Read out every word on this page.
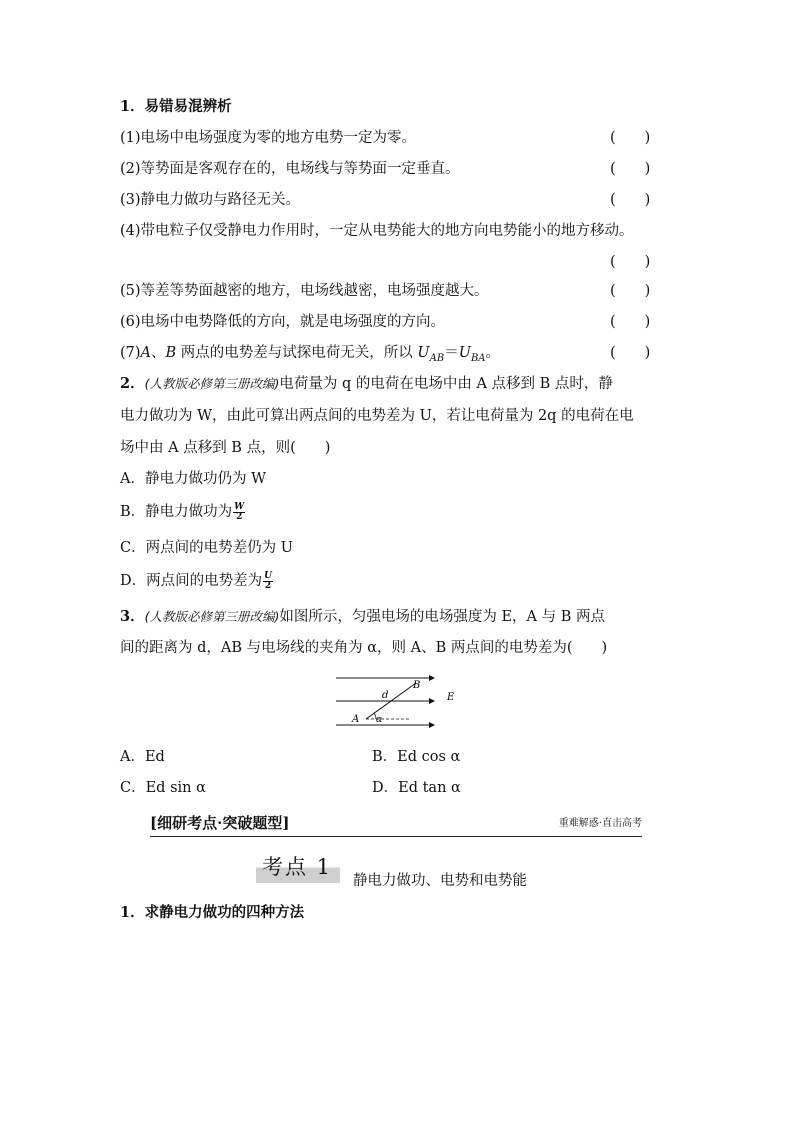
1．易错易混辨析
(1)电场中电场强度为零的地方电势一定为零。	(　　)
(2)等势面是客观存在的，电场线与等势面一定垂直。	(　　)
(3)静电力做功与路径无关。	(　　)
(4)带电粒子仅受静电力作用时，一定从电势能大的地方向电势能小的地方移动。
(　　)
(5)等差等势面越密的地方，电场线越密，电场强度越大。	(　　)
(6)电场中电势降低的方向，就是电场强度的方向。	(　　)
(7)A、B 两点的电势差与试探电荷无关，所以 $U_{AB}=U_{BA}$。	(　　)
2．(人教版必修第三册改编)电荷量为 q 的电荷在电场中由 A 点移到 B 点时，静
电力做功为 W，由此可算出两点间的电势差为 U，若让电荷量为 2q 的电荷在电
场中由 A 点移到 B 点，则(　　)
A．静电力做功仍为 W
B．静电力做功为 $\frac{W}{2}$
C．两点间的电势差仍为 U
D．两点间的电势差为 $\frac{U}{2}$
3．(人教版必修第三册改编)如图所示，匀强电场的电场强度为 E，A 与 B 两点
间的距离为 d，AB 与电场线的夹角为 α，则 A、B 两点间的电势差为(　　)
B
d	E
A α
A．Ed	B．Ed cos α
C．Ed sin α	D．Ed tan α
[细研考点·突破题型]	重难解惑·直击高考
考点 1
静电力做功、电势和电势能
1．求静电力做功的四种方法
